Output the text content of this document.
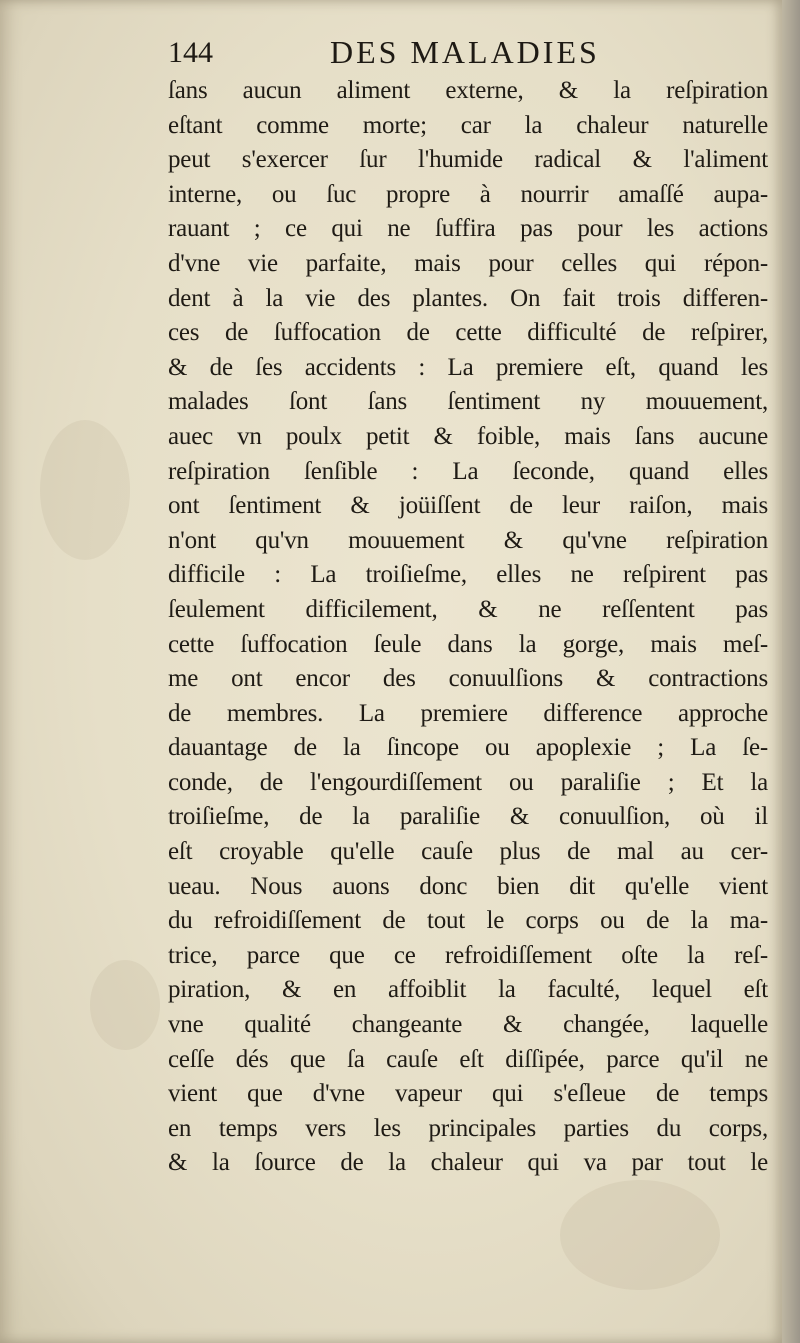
144	DES MALADIES
ſans aucun aliment externe, & la reſpiration
eſtant comme morte; car la chaleur naturelle
peut s'exercer ſur l'humide radical & l'aliment
interne, ou ſuc propre à nourrir amaſſé aupa-
rauant ; ce qui ne ſuffira pas pour les actions
d'vne vie parfaite, mais pour celles qui répon-
dent à la vie des plantes. On fait trois differen-
ces de ſuffocation de cette difficulté de reſpirer,
& de ſes accidents : La premiere eſt, quand les
malades ſont ſans ſentiment ny mouuement,
auec vn poulx petit & foible, mais ſans aucune
reſpiration ſenſible : La ſeconde, quand elles
ont ſentiment & joüiſſent de leur raiſon, mais
n'ont qu'vn mouuement & qu'vne reſpiration
difficile : La troiſieſme, elles ne reſpirent pas
ſeulement difficilement, & ne reſſentent pas
cette ſuffocation ſeule dans la gorge, mais meſ-
me ont encor des conuulſions & contractions
de membres. La premiere difference approche
dauantage de la ſincope ou apoplexie ; La ſe-
conde, de l'engourdiſſement ou paraliſie ; Et la
troiſieſme, de la paraliſie & conuulſion, où il
eſt croyable qu'elle cauſe plus de mal au cer-
ueau. Nous auons donc bien dit qu'elle vient
du refroidiſſement de tout le corps ou de la ma-
trice, parce que ce refroidiſſement oſte la reſ-
piration, & en affoiblit la faculté, lequel eſt
vne qualité changeante & changée, laquelle
ceſſe dés que ſa cauſe eſt diſſipée, parce qu'il ne
vient que d'vne vapeur qui s'eſleue de temps
en temps vers les principales parties du corps,
& la ſource de la chaleur qui va par tout le
